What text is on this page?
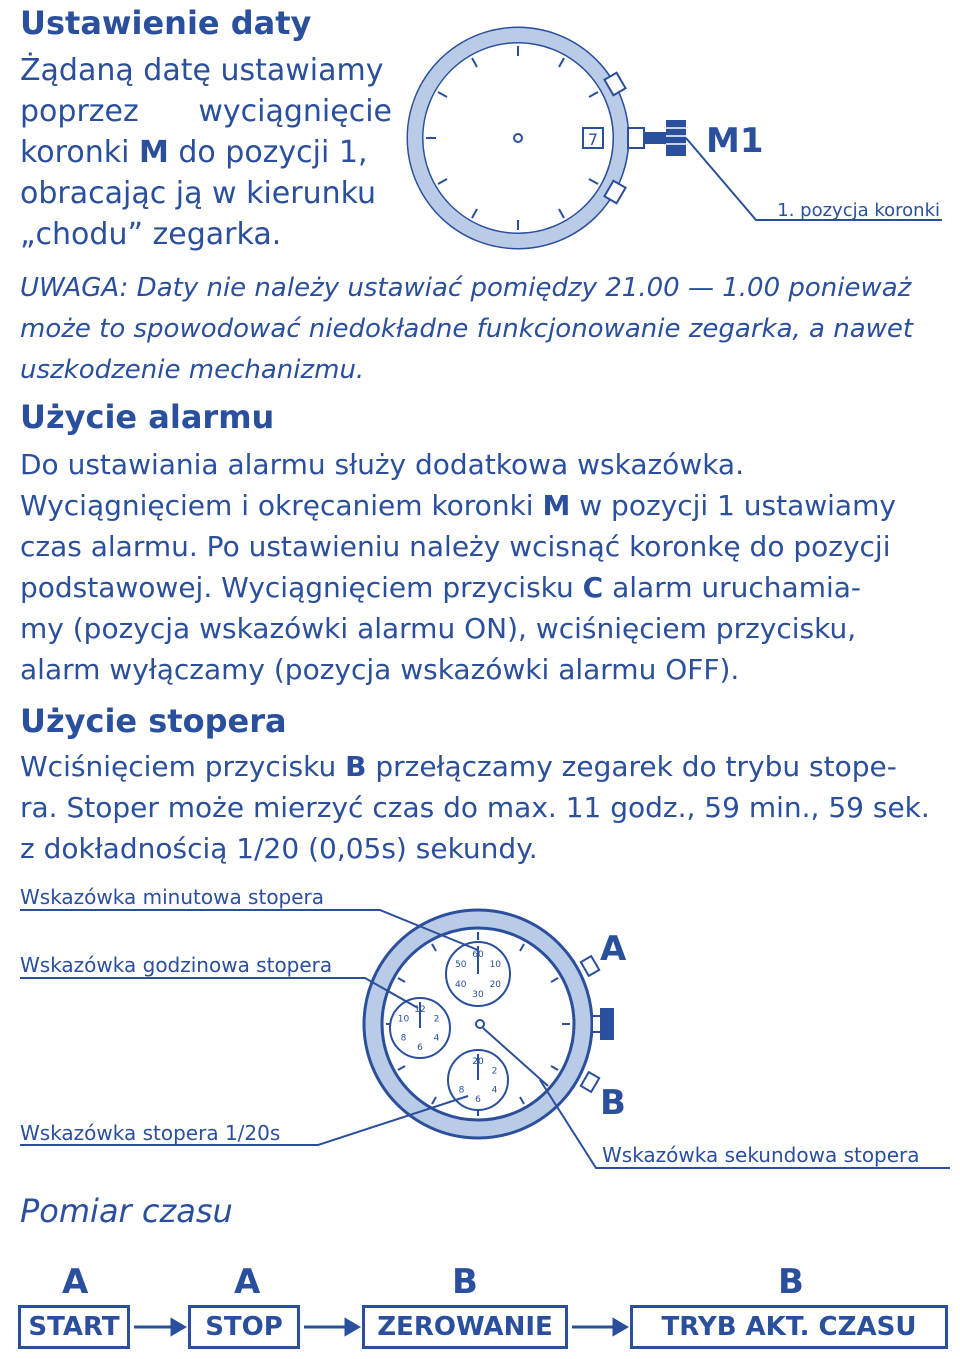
Ustawienie daty
Żądaną datę ustawiamy
poprzez wyciągnięcie
koronki M do pozycji 1,
obracając ją w kierunku
„chodu” zegarka.
7	M1
1. pozycja koronki
UWAGA: Daty nie należy ustawiać pomiędzy 21.00 — 1.00 ponieważ
może to spowodować niedokładne funkcjonowanie zegarka, a nawet
uszkodzenie mechanizmu.
Użycie alarmu
Do ustawiania alarmu służy dodatkowa wskazówka.
Wyciągnięciem i okręcaniem koronki M w pozycji 1 ustawiamy
czas alarmu. Po ustawieniu należy wcisnąć koronkę do pozycji
podstawowej. Wyciągnięciem przycisku C alarm uruchamia-
my (pozycja wskazówki alarmu ON), wciśnięciem przycisku,
alarm wyłączamy (pozycja wskazówki alarmu OFF).
Użycie stopera
Wciśnięciem przycisku B przełączamy zegarek do trybu stope-
ra. Stoper może mierzyć czas do max. 11 godz., 59 min., 59 sek.
z dokładnością 1/20 (0,05s) sekundy.
60
10
20
30
40
50
12
2
4
6
8
10
20
2
4
6
8
Wskazówka minutowa stopera
Wskazówka godzinowa stopera
Wskazówka stopera 1/20s
Wskazówka sekundowa stopera
A
B
Pomiar czasu
A	A	B	B
START	STOP	ZEROWANIE	TRYB AKT. CZASU
